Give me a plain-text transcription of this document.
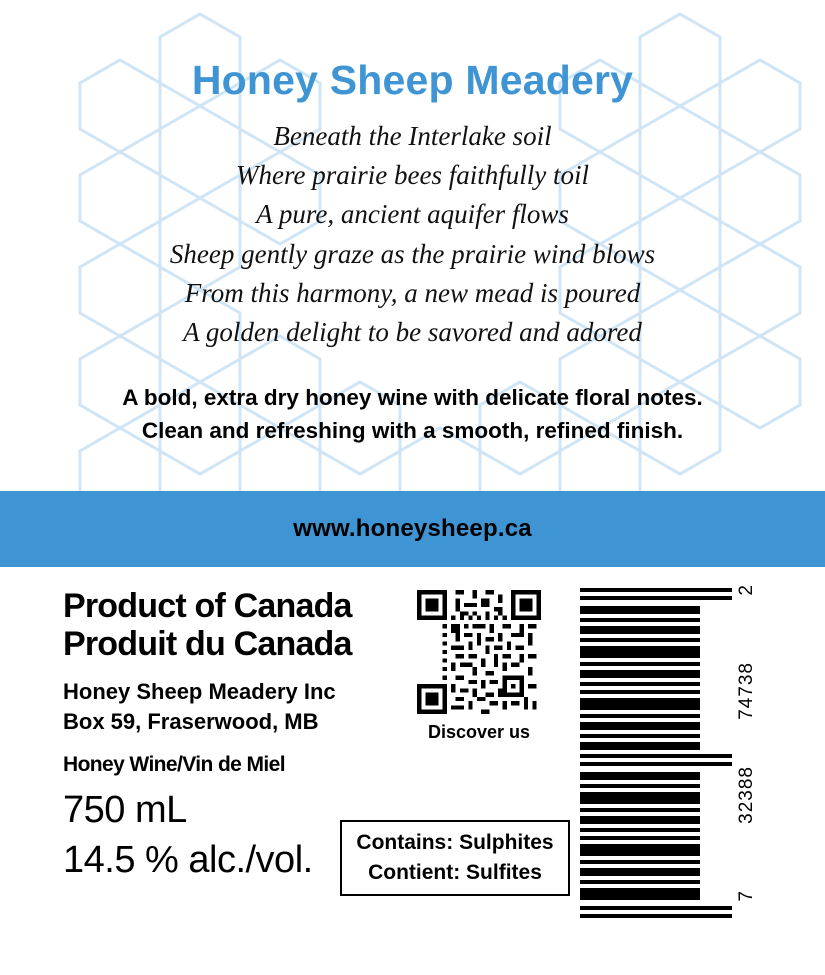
Honey Sheep Meadery
Beneath the Interlake soil
Where prairie bees faithfully toil
A pure, ancient aquifer flows
Sheep gently graze as the prairie wind blows
From this harmony, a new mead is poured
A golden delight to be savored and adored
A bold, extra dry honey wine with delicate floral notes.
Clean and refreshing with a smooth, refined finish.
www.honeysheep.ca
Product of Canada
Produit du Canada
Honey Sheep Meadery Inc
Box 59, Fraserwood, MB
Honey Wine/Vin de Miel
750 mL
14.5 % alc./vol.
Discover us
Contains: Sulphites
Contient: Sulfites
2
74738
32388
7
